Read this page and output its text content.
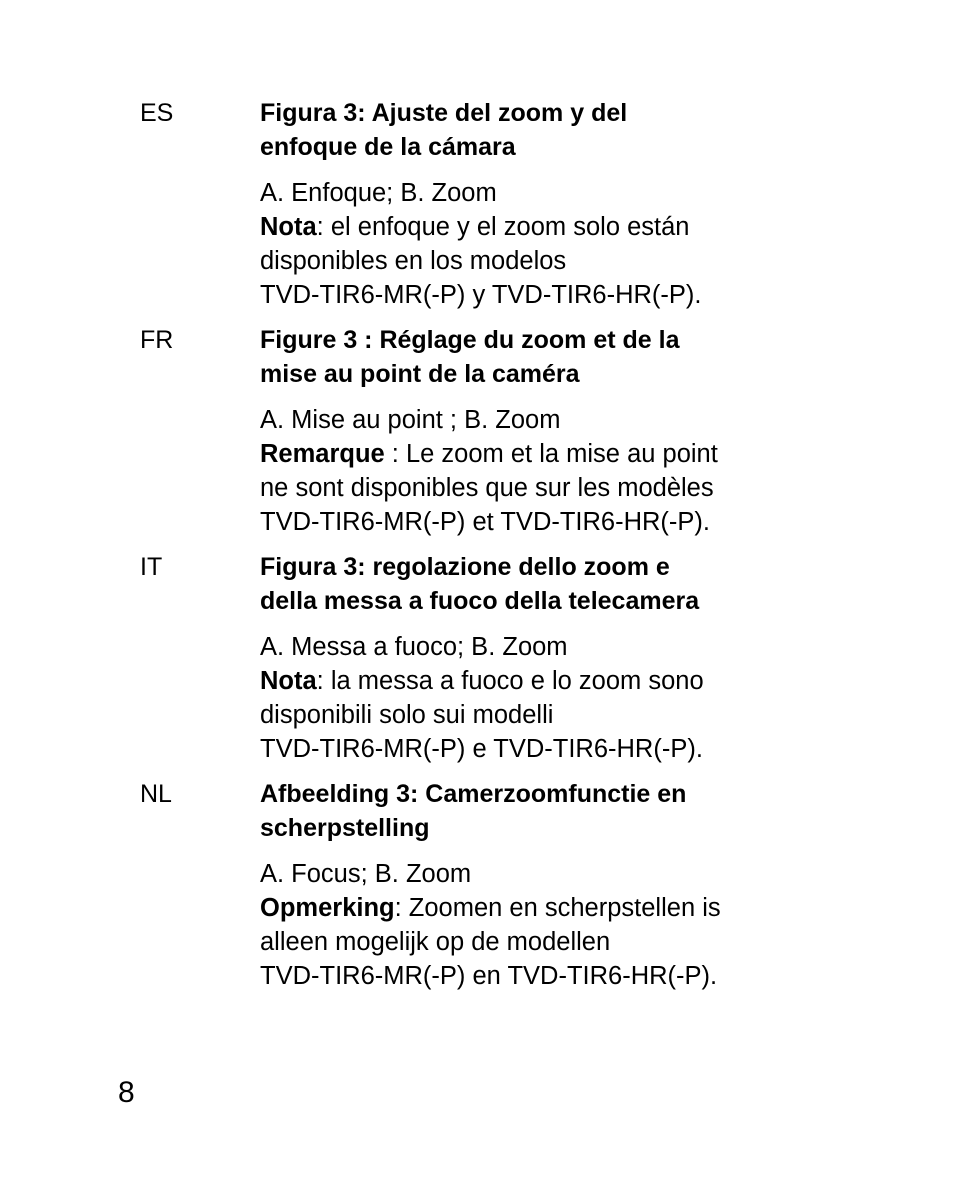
ES	Figura 3: Ajuste del zoom y del
enfoque de la cámara
A. Enfoque; B. Zoom
Nota: el enfoque y el zoom solo están
disponibles en los modelos
TVD-TIR6-MR(-P) y TVD-TIR6-HR(-P).
FR	Figure 3 : Réglage du zoom et de la
mise au point de la caméra
A. Mise au point ; B. Zoom
Remarque : Le zoom et la mise au point
ne sont disponibles que sur les modèles
TVD-TIR6-MR(-P) et TVD-TIR6-HR(-P).
IT	Figura 3: regolazione dello zoom e
della messa a fuoco della telecamera
A. Messa a fuoco; B. Zoom
Nota: la messa a fuoco e lo zoom sono
disponibili solo sui modelli
TVD-TIR6-MR(-P) e TVD-TIR6-HR(-P).
NL	Afbeelding 3: Camerzoomfunctie en
scherpstelling
A. Focus; B. Zoom
Opmerking: Zoomen en scherpstellen is
alleen mogelijk op de modellen
TVD-TIR6-MR(-P) en TVD-TIR6-HR(-P).
8
